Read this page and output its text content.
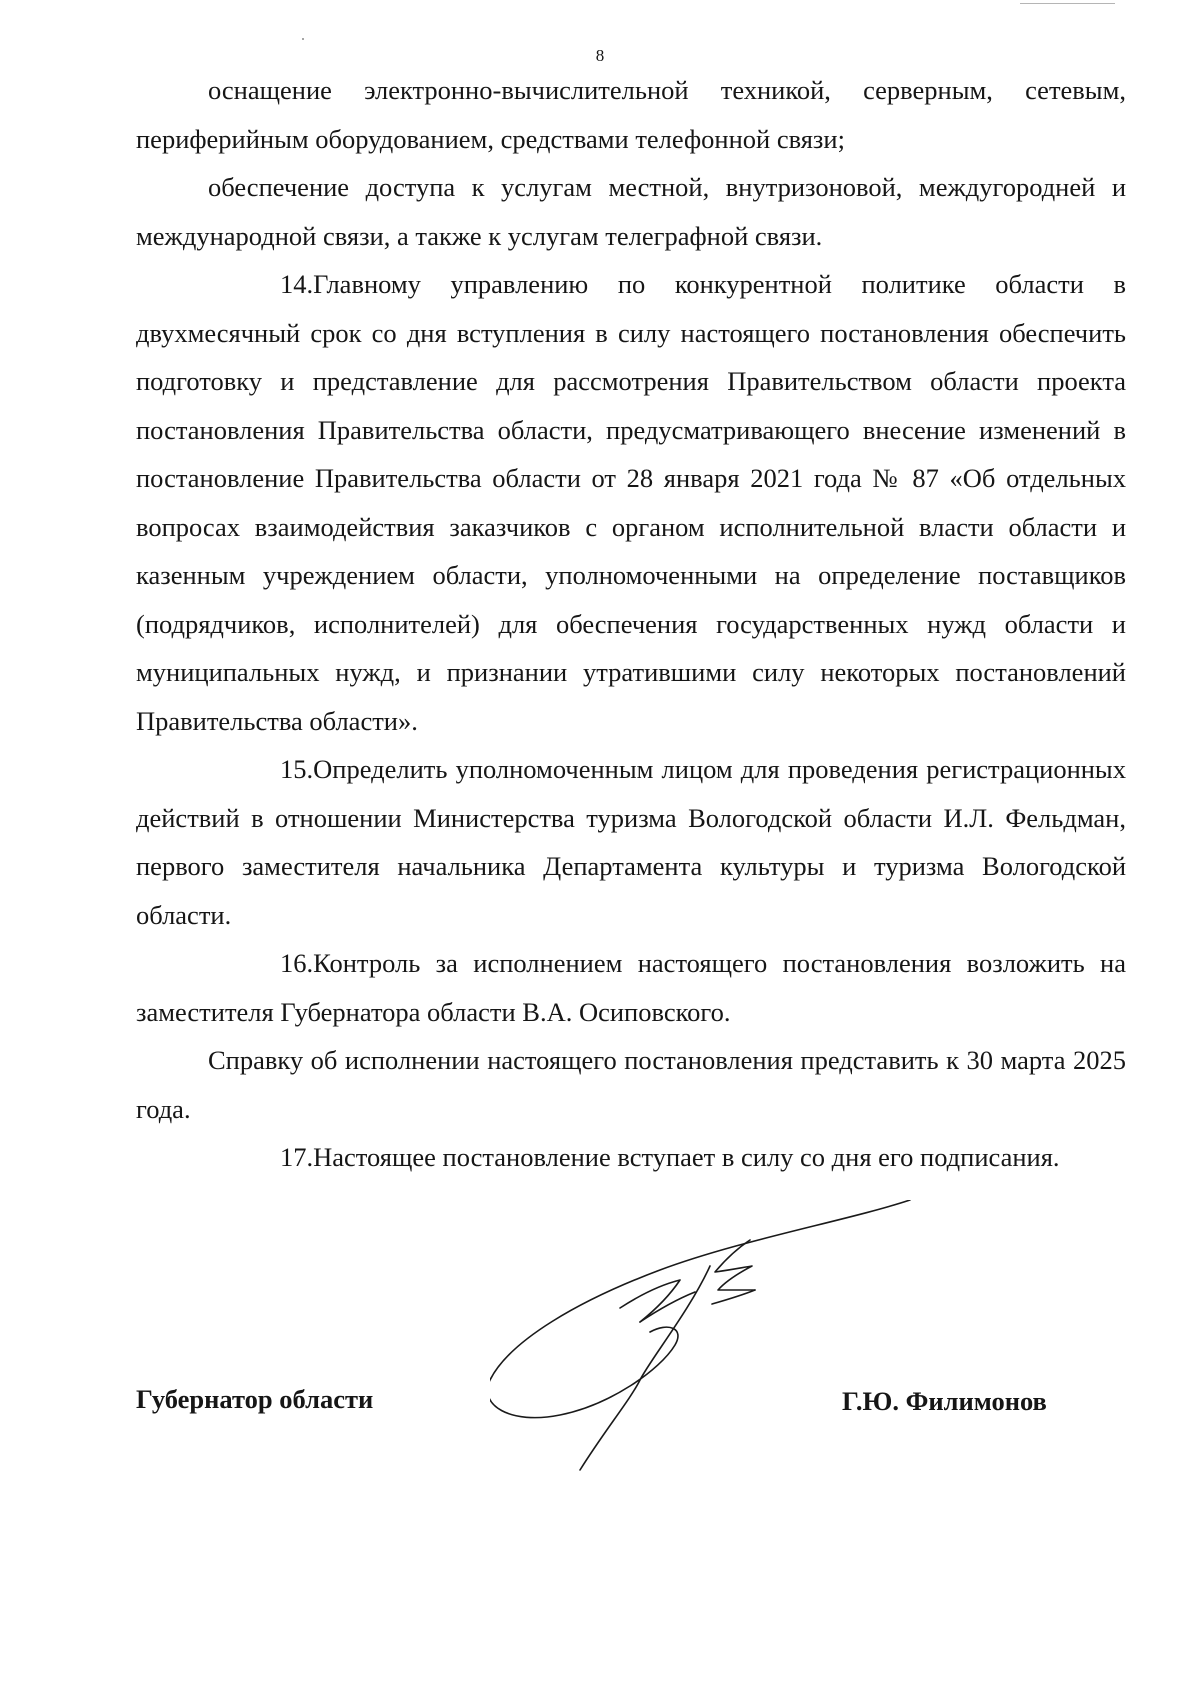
8

оснащение электронно-вычислительной техникой, серверным, сетевым, периферийным оборудованием, средствами телефонной связи;

обеспечение доступа к услугам местной, внутризоновой, междугородней и международной связи, а также к услугам телеграфной связи.

14.Главному управлению по конкурентной политике области в двухмесячный срок со дня вступления в силу настоящего постановления обеспечить подготовку и представление для рассмотрения Правительством области проекта постановления Правительства области, предусматривающего внесение изменений в постановление Правительства области от 28 января 2021 года № 87 «Об отдельных вопросах взаимодействия заказчиков с органом исполнительной власти области и казенным учреждением области, уполномоченными на определение поставщиков (подрядчиков, исполнителей) для обеспечения государственных нужд области и муниципальных нужд, и признании утратившими силу некоторых постановлений Правительства области».

15.Определить уполномоченным лицом для проведения регистрационных действий в отношении Министерства туризма Вологодской области И.Л. Фельдман, первого заместителя начальника Департамента культуры и туризма Вологодской области.

16.Контроль за исполнением настоящего постановления возложить на заместителя Губернатора области В.А. Осиповского.

Справку об исполнении настоящего постановления представить к 30 марта 2025 года.

17.Настоящее постановление вступает в силу со дня его подписания.

Губернатор области	Г.Ю. Филимонов
